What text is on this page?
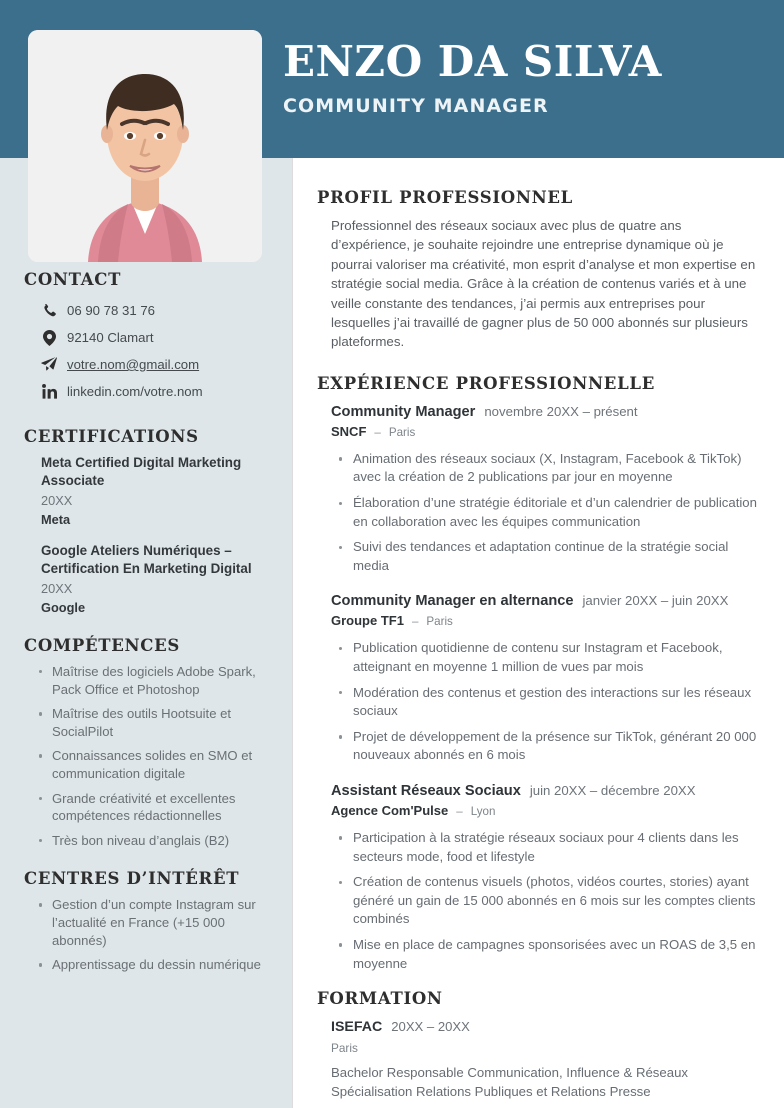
ENZO DA SILVA
COMMUNITY MANAGER
CONTACT
06 90 78 31 76
92140 Clamart
votre.nom@gmail.com
linkedin.com/votre.nom
CERTIFICATIONS
Meta Certified Digital Marketing Associate
20XX
Meta
Google Ateliers Numériques – Certification En Marketing Digital
20XX
Google
COMPÉTENCES
Maîtrise des logiciels Adobe Spark, Pack Office et Photoshop
Maîtrise des outils Hootsuite et SocialPilot
Connaissances solides en SMO et communication digitale
Grande créativité et excellentes compétences rédactionnelles
Très bon niveau d’anglais (B2)
CENTRES D’INTÉRÊT
Gestion d’un compte Instagram sur l’actualité en France (+15 000 abonnés)
Apprentissage du dessin numérique
PROFIL PROFESSIONNEL
Professionnel des réseaux sociaux avec plus de quatre ans d’expérience, je souhaite rejoindre une entreprise dynamique où je pourrai valoriser ma créativité, mon esprit d’analyse et mon expertise en stratégie social media. Grâce à la création de contenus variés et à une veille constante des tendances, j’ai permis aux entreprises pour lesquelles j’ai travaillé de gagner plus de 50 000 abonnés sur plusieurs plateformes.
EXPÉRIENCE PROFESSIONNELLE
Community Manager novembre 20XX – présent
SNCF – Paris
Animation des réseaux sociaux (X, Instagram, Facebook & TikTok) avec la création de 2 publications par jour en moyenne
Élaboration d’une stratégie éditoriale et d’un calendrier de publication en collaboration avec les équipes communication
Suivi des tendances et adaptation continue de la stratégie social media
Community Manager en alternance janvier 20XX – juin 20XX
Groupe TF1 – Paris
Publication quotidienne de contenu sur Instagram et Facebook, atteignant en moyenne 1 million de vues par mois
Modération des contenus et gestion des interactions sur les réseaux sociaux
Projet de développement de la présence sur TikTok, générant 20 000 nouveaux abonnés en 6 mois
Assistant Réseaux Sociaux juin 20XX – décembre 20XX
Agence Com'Pulse – Lyon
Participation à la stratégie réseaux sociaux pour 4 clients dans les secteurs mode, food et lifestyle
Création de contenus visuels (photos, vidéos courtes, stories) ayant généré un gain de 15 000 abonnés en 6 mois sur les comptes clients combinés
Mise en place de campagnes sponsorisées avec un ROAS de 3,5 en moyenne
FORMATION
ISEFAC 20XX – 20XX
Paris
Bachelor Responsable Communication, Influence & Réseaux Spécialisation Relations Publiques et Relations Presse
